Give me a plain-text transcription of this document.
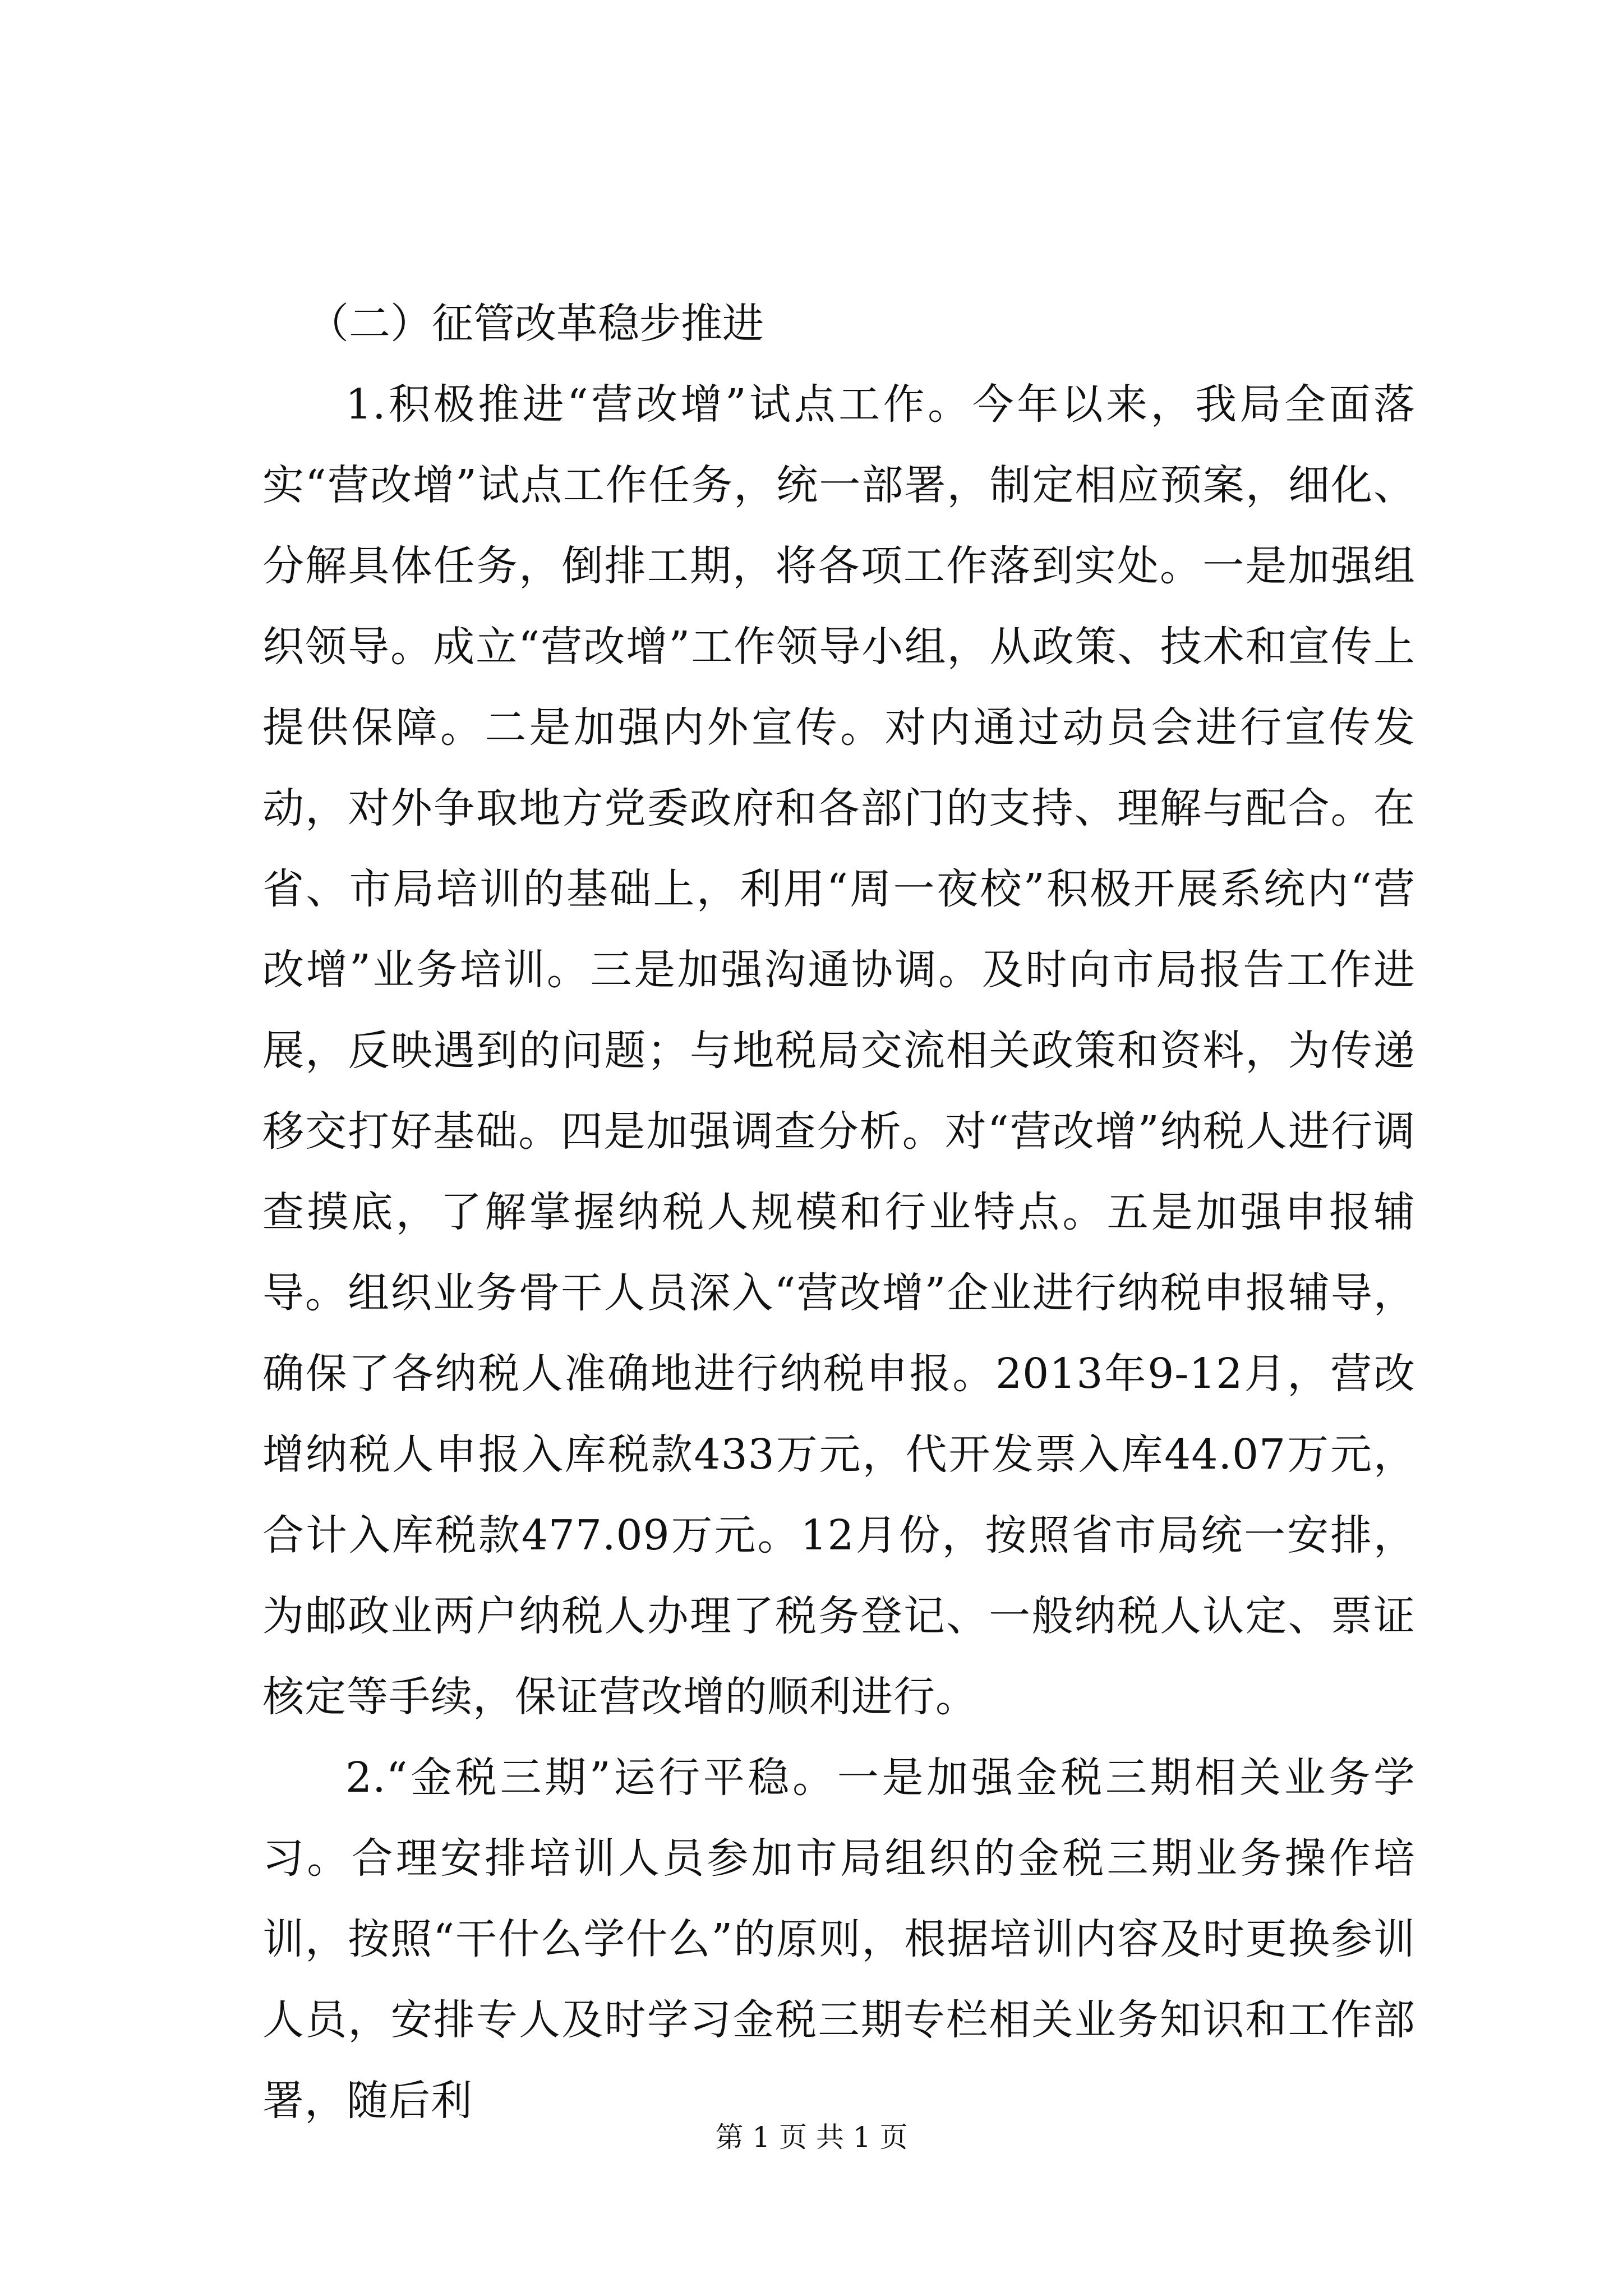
（二）征管改革稳步推进

1.积极推进“营改增”试点工作。今年以来，我局全面落实“营改增”试点工作任务，统一部署，制定相应预案，细化、分解具体任务，倒排工期，将各项工作落到实处。一是加强组织领导。成立“营改增”工作领导小组，从政策、技术和宣传上提供保障。二是加强内外宣传。对内通过动员会进行宣传发动，对外争取地方党委政府和各部门的支持、理解与配合。在省、市局培训的基础上，利用“周一夜校”积极开展系统内“营改增”业务培训。三是加强沟通协调。及时向市局报告工作进展，反映遇到的问题；与地税局交流相关政策和资料，为传递移交打好基础。四是加强调查分析。对“营改增”纳税人进行调查摸底，了解掌握纳税人规模和行业特点。五是加强申报辅导。组织业务骨干人员深入“营改增”企业进行纳税申报辅导，确保了各纳税人准确地进行纳税申报。2013年9-12月，营改增纳税人申报入库税款433万元，代开发票入库44.07万元，合计入库税款477.09万元。12月份，按照省市局统一安排，为邮政业两户纳税人办理了税务登记、一般纳税人认定、票证核定等手续，保证营改增的顺利进行。

2.“金税三期”运行平稳。一是加强金税三期相关业务学习。合理安排培训人员参加市局组织的金税三期业务操作培训，按照“干什么学什么”的原则，根据培训内容及时更换参训人员，安排专人及时学习金税三期专栏相关业务知识和工作部署，随后利

第 1 页 共 1 页
